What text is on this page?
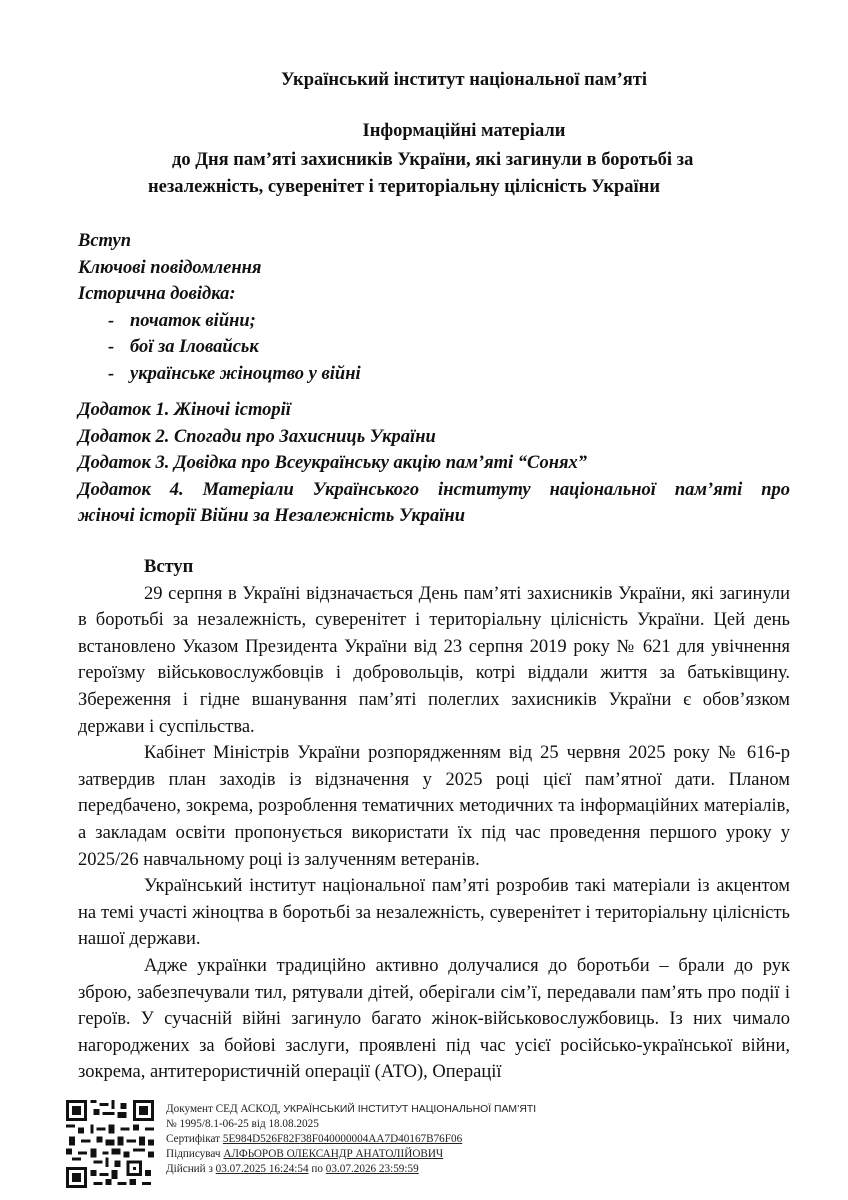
Український інститут національної пам’яті
Інформаційні матеріали
до Дня пам’яті захисників України, які загинули в боротьбі за
незалежність, суверенітет і територіальну цілісність України
Вступ
Ключові повідомлення
Історична довідка:
- початок війни;
- бої за Іловайськ
- українське жіноцтво у війні
Додаток 1. Жіночі історії
Додаток 2. Спогади про Захисниць України
Додаток 3. Довідка про Всеукраїнську акцію пам’яті “Сонях”
Додаток 4. Матеріали Українського інституту національної пам’яті про
жіночі історії Війни за Незалежність України
Вступ

29 серпня в Україні відзначається День пам’яті захисників України, які загинули в боротьбі за незалежність, суверенітет і територіальну цілісність України. Цей день встановлено Указом Президента України від 23 серпня 2019 року № 621 для увічнення героїзму військовослужбовців і добровольців, котрі віддали життя за батьківщину. Збереження і гідне вшанування пам’яті полеглих захисників України є обов’язком держави і суспільства.

Кабінет Міністрів України розпорядженням від 25 червня 2025 року № 616-р затвердив план заходів із відзначення у 2025 році цієї пам’ятної дати. Планом передбачено, зокрема, розроблення тематичних методичних та інформаційних матеріалів, а закладам освіти пропонується використати їх під час проведення першого уроку у 2025/26 навчальному році із залученням ветеранів.

Український інститут національної пам’яті розробив такі матеріали із акцентом на темі участі жіноцтва в боротьбі за незалежність, суверенітет і територіальну цілісність нашої держави.

Адже українки традиційно активно долучалися до боротьби – брали до рук зброю, забезпечували тил, рятували дітей, оберігали сім’ї, передавали пам’ять про події і героїв. У сучасній війні загинуло багато жінок-військовослужбовиць. Із них чимало нагороджених за бойові заслуги, проявлені під час усієї російсько-української війни, зокрема, антитерористичній операції (АТО), Операції

Документ СЕД АСКОД, УКРАЇНСЬКИЙ ІНСТИТУТ НАЦІОНАЛЬНОЇ ПАМ’ЯТІ
№ 1995/8.1-06-25 від 18.08.2025
Сертифікат 5E984D526F82F38F040000004AA7D40167B76F06
Підписувач АЛФЬОРОВ ОЛЕКСАНДР АНАТОЛІЙОВИЧ
Дійсний з 03.07.2025 16:24:54 по 03.07.2026 23:59:59
